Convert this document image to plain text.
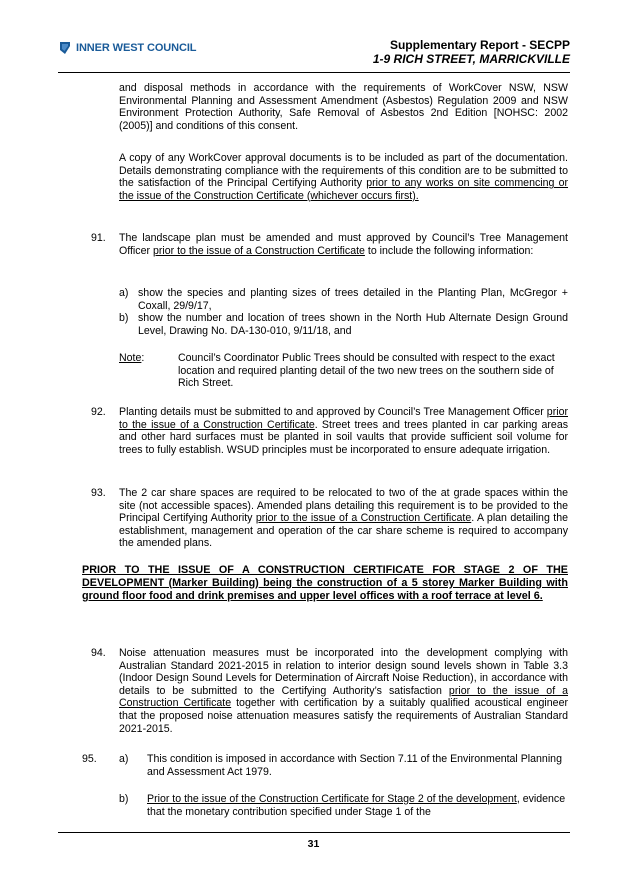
INNER WEST COUNCIL	Supplementary Report - SECPP
1-9 RICH STREET, MARRICKVILLE
and disposal methods in accordance with the requirements of WorkCover NSW, NSW Environmental Planning and Assessment Amendment (Asbestos) Regulation 2009 and NSW Environment Protection Authority, Safe Removal of Asbestos 2nd Edition [NOHSC: 2002 (2005)] and conditions of this consent.
A copy of any WorkCover approval documents is to be included as part of the documentation. Details demonstrating compliance with the requirements of this condition are to be submitted to the satisfaction of the Principal Certifying Authority prior to any works on site commencing or the issue of the Construction Certificate (whichever occurs first).
91. The landscape plan must be amended and must approved by Council’s Tree Management Officer prior to the issue of a Construction Certificate to include the following information:
a) show the species and planting sizes of trees detailed in the Planting Plan, McGregor + Coxall, 29/9/17,
b) show the number and location of trees shown in the North Hub Alternate Design Ground Level, Drawing No. DA-130-010, 9/11/18, and
Note:	Council’s Coordinator Public Trees should be consulted with respect to the exact location and required planting detail of the two new trees on the southern side of Rich Street.
92. Planting details must be submitted to and approved by Council’s Tree Management Officer prior to the issue of a Construction Certificate. Street trees and trees planted in car parking areas and other hard surfaces must be planted in soil vaults that provide sufficient soil volume for trees to fully establish. WSUD principles must be incorporated to ensure adequate irrigation.
93. The 2 car share spaces are required to be relocated to two of the at grade spaces within the site (not accessible spaces). Amended plans detailing this requirement is to be provided to the Principal Certifying Authority prior to the issue of a Construction Certificate. A plan detailing the establishment, management and operation of the car share scheme is required to accompany the amended plans.
PRIOR TO THE ISSUE OF A CONSTRUCTION CERTIFICATE FOR STAGE 2 OF THE DEVELOPMENT (Marker Building) being the construction of a 5 storey Marker Building with ground floor food and drink premises and upper level offices with a roof terrace at level 6.
94. Noise attenuation measures must be incorporated into the development complying with Australian Standard 2021-2015 in relation to interior design sound levels shown in Table 3.3 (Indoor Design Sound Levels for Determination of Aircraft Noise Reduction), in accordance with details to be submitted to the Certifying Authority’s satisfaction prior to the issue of a Construction Certificate together with certification by a suitably qualified acoustical engineer that the proposed noise attenuation measures satisfy the requirements of Australian Standard 2021-2015.
95. a) This condition is imposed in accordance with Section 7.11 of the Environmental Planning and Assessment Act 1979.
b) Prior to the issue of the Construction Certificate for Stage 2 of the development, evidence that the monetary contribution specified under Stage 1 of the
31
